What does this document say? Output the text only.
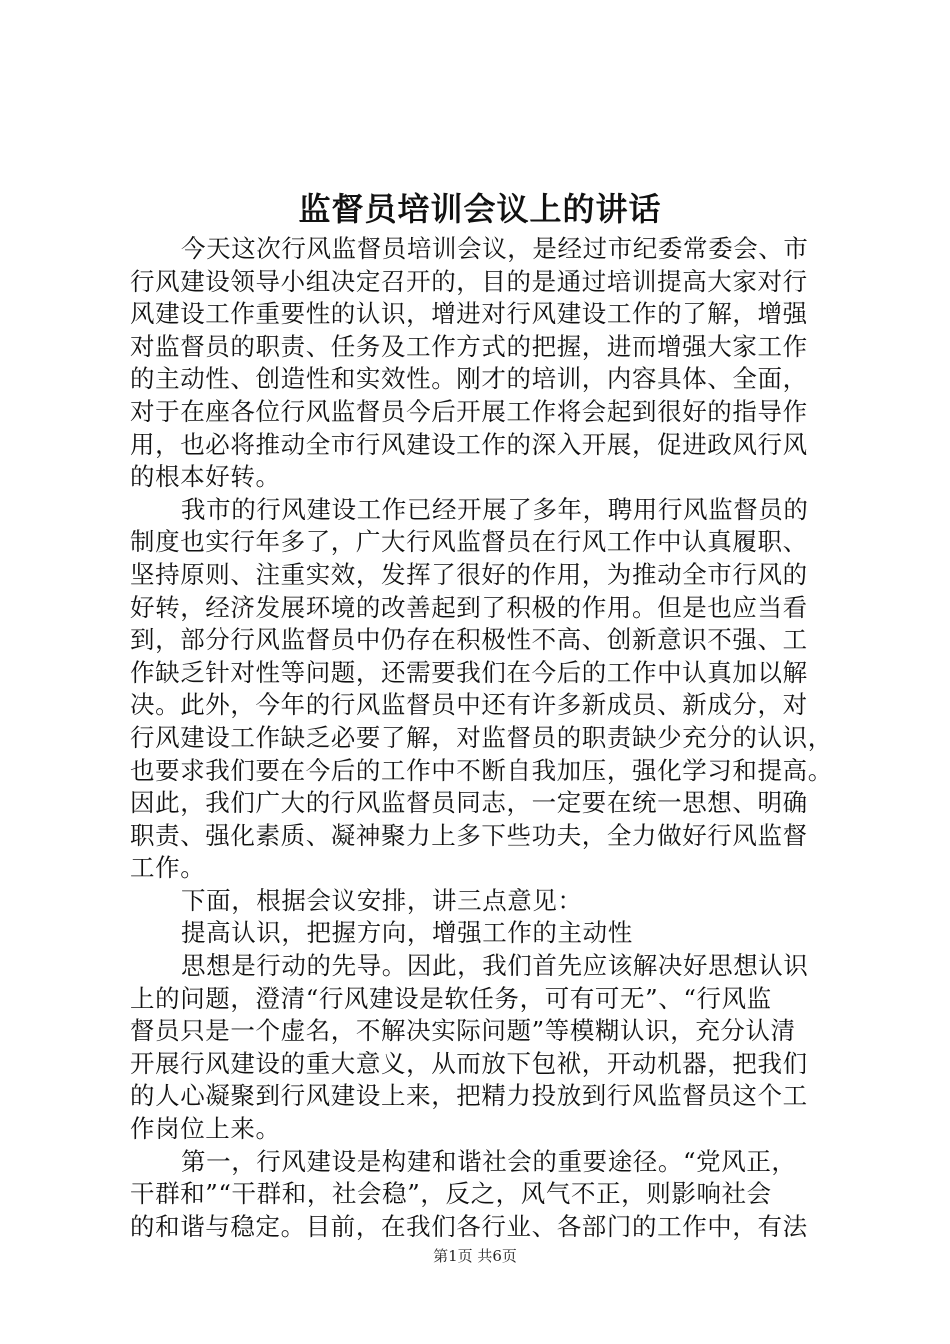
监督员培训会议上的讲话
今天这次行风监督员培训会议，是经过市纪委常委会、市
行风建设领导小组决定召开的，目的是通过培训提高大家对行
风建设工作重要性的认识，增进对行风建设工作的了解，增强
对监督员的职责、任务及工作方式的把握，进而增强大家工作
的主动性、创造性和实效性。刚才的培训，内容具体、全面，
对于在座各位行风监督员今后开展工作将会起到很好的指导作
用，也必将推动全市行风建设工作的深入开展，促进政风行风
的根本好转。
我市的行风建设工作已经开展了多年，聘用行风监督员的
制度也实行年多了，广大行风监督员在行风工作中认真履职、
坚持原则、注重实效，发挥了很好的作用，为推动全市行风的
好转，经济发展环境的改善起到了积极的作用。但是也应当看
到，部分行风监督员中仍存在积极性不高、创新意识不强、工
作缺乏针对性等问题，还需要我们在今后的工作中认真加以解
决。此外，今年的行风监督员中还有许多新成员、新成分，对
行风建设工作缺乏必要了解，对监督员的职责缺少充分的认识，
也要求我们要在今后的工作中不断自我加压，强化学习和提高。
因此，我们广大的行风监督员同志，一定要在统一思想、明确
职责、强化素质、凝神聚力上多下些功夫，全力做好行风监督
工作。
下面，根据会议安排，讲三点意见：
提高认识，把握方向，增强工作的主动性
思想是行动的先导。因此，我们首先应该解决好思想认识
上的问题，澄清“行风建设是软任务，可有可无”、“行风监
督员只是一个虚名，不解决实际问题”等模糊认识，充分认清
开展行风建设的重大意义，从而放下包袱，开动机器，把我们
的人心凝聚到行风建设上来，把精力投放到行风监督员这个工
作岗位上来。
第一，行风建设是构建和谐社会的重要途径。“党风正，
干群和”“干群和，社会稳”，反之，风气不正，则影响社会
的和谐与稳定。目前，在我们各行业、各部门的工作中，有法
第1页 共6页
